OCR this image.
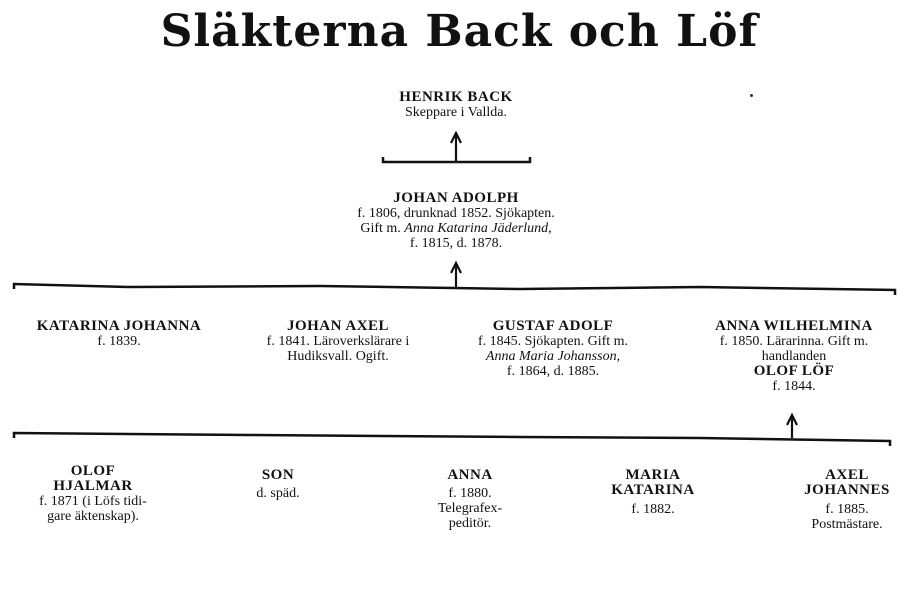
Släkterna Back och Löf
HENRIK BACK
Skeppare i Vallda.
JOHAN ADOLPH
f. 1806, drunknad 1852. Sjökapten.
Gift m. Anna Katarina Jäderlund,
f. 1815, d. 1878.
KATARINA JOHANNA
f. 1839.
JOHAN AXEL
f. 1841. Läroverkslärare i
Hudiksvall. Ogift.
GUSTAF ADOLF
f. 1845. Sjökapten. Gift m.
Anna Maria Johansson,
f. 1864, d. 1885.
ANNA WILHELMINA
f. 1850. Lärarinna. Gift m.
handlanden
OLOF LÖF
f. 1844.
OLOF
HJALMAR
f. 1871 (i Löfs tidi-
gare äktenskap).
SON
d. späd.
ANNA
f. 1880.
Telegrafex-
peditör.
MARIA
KATARINA
f. 1882.
AXEL
JOHANNES
f. 1885.
Postmästare.
